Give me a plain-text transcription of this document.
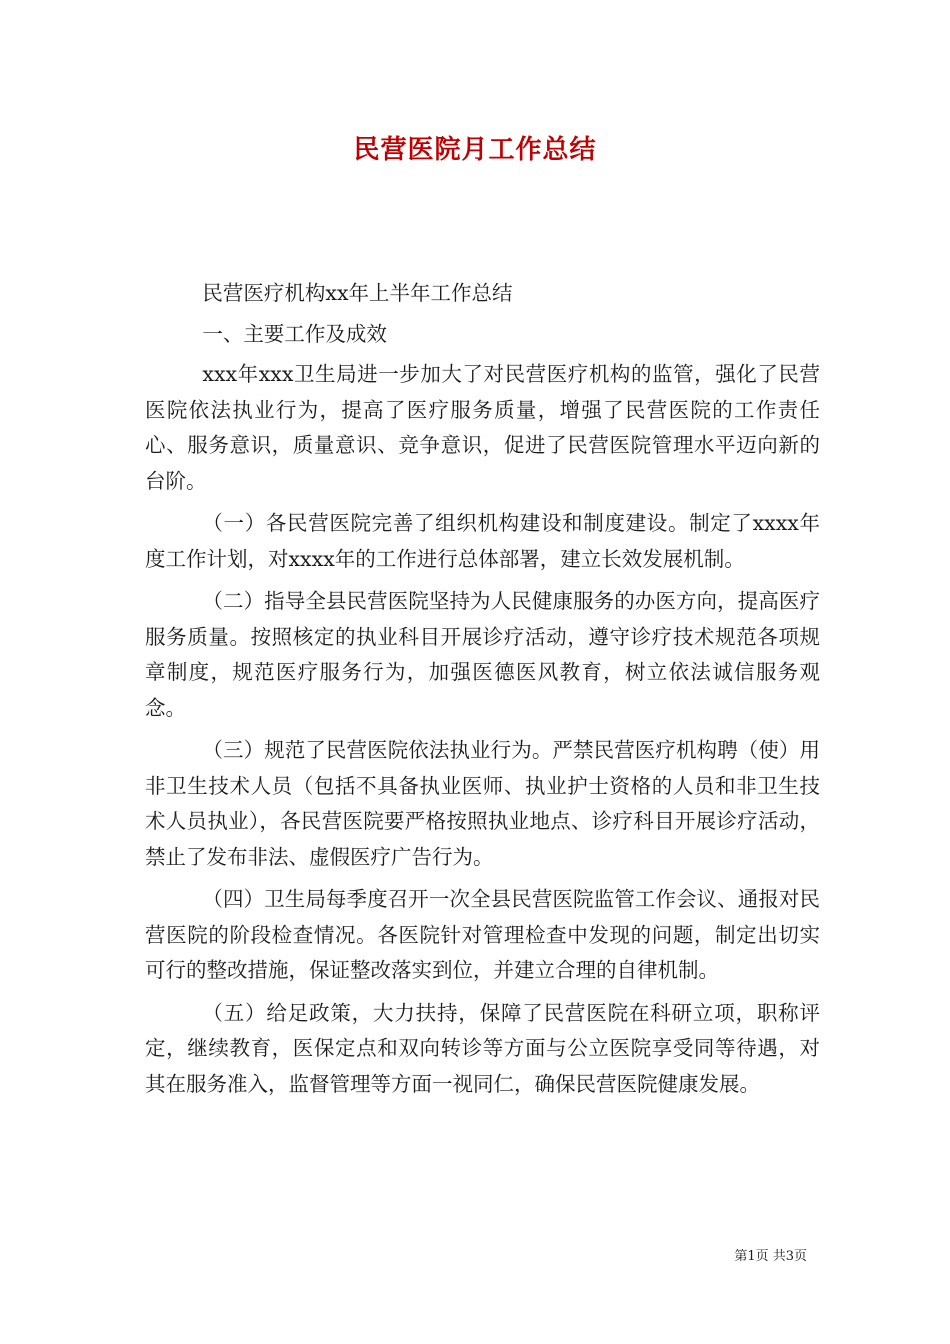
民营医院月工作总结

民营医疗机构xx年上半年工作总结

一、主要工作及成效

xxx年xxx卫生局进一步加大了对民营医疗机构的监管，强化了民营医院依法执业行为，提高了医疗服务质量，增强了民营医院的工作责任心、服务意识，质量意识、竞争意识，促进了民营医院管理水平迈向新的台阶。

（一）各民营医院完善了组织机构建设和制度建设。制定了xxxx年度工作计划，对xxxx年的工作进行总体部署，建立长效发展机制。

（二）指导全县民营医院坚持为人民健康服务的办医方向，提高医疗服务质量。按照核定的执业科目开展诊疗活动，遵守诊疗技术规范各项规章制度，规范医疗服务行为，加强医德医风教育，树立依法诚信服务观念。

（三）规范了民营医院依法执业行为。严禁民营医疗机构聘（使）用非卫生技术人员（包括不具备执业医师、执业护士资格的人员和非卫生技术人员执业），各民营医院要严格按照执业地点、诊疗科目开展诊疗活动，禁止了发布非法、虚假医疗广告行为。

（四）卫生局每季度召开一次全县民营医院监管工作会议、通报对民营医院的阶段检查情况。各医院针对管理检查中发现的问题，制定出切实可行的整改措施，保证整改落实到位，并建立合理的自律机制。

（五）给足政策，大力扶持，保障了民营医院在科研立项，职称评定，继续教育，医保定点和双向转诊等方面与公立医院享受同等待遇，对其在服务准入，监督管理等方面一视同仁，确保民营医院健康发展。

第1页 共3页
